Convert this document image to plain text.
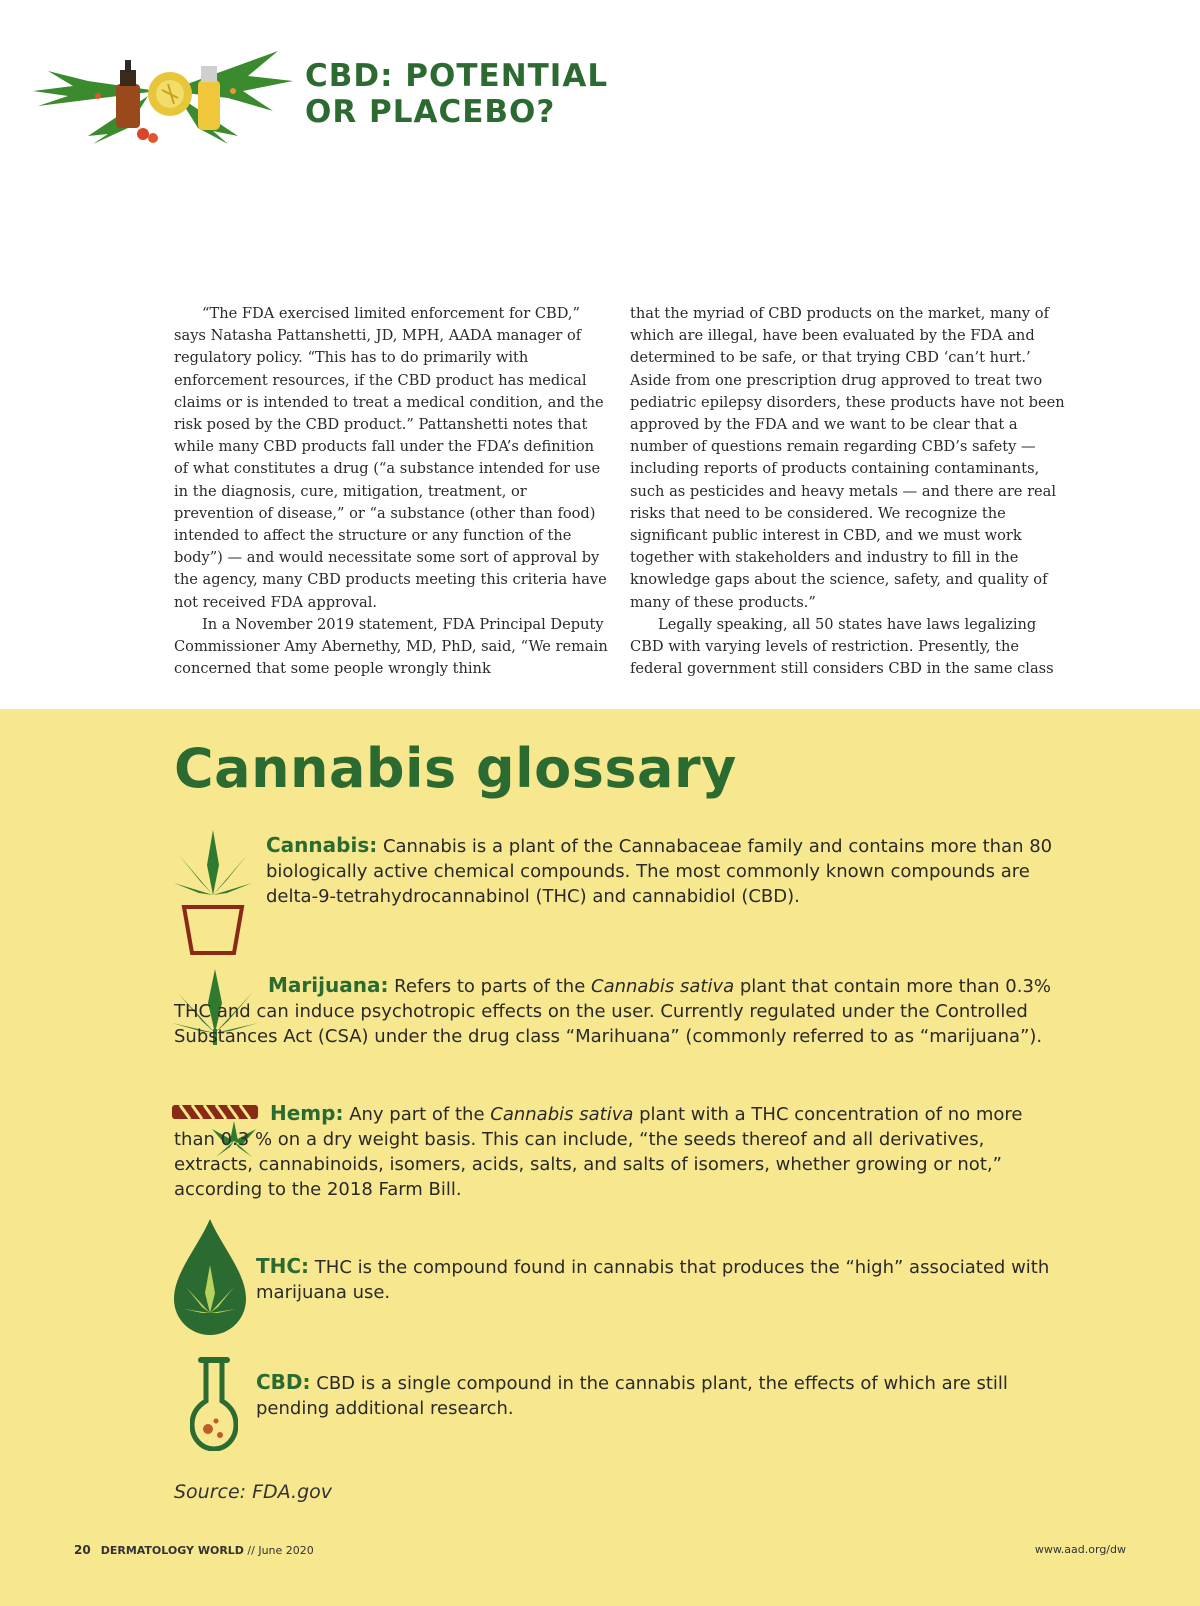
CBD: POTENTIAL
OR PLACEBO?

“The FDA exercised limited enforcement for CBD,” says Natasha Pattanshetti, JD, MPH, AADA manager of regulatory policy. “This has to do primarily with enforcement resources, if the CBD product has medical claims or is intended to treat a medical condition, and the risk posed by the CBD product.” Pattanshetti notes that while many CBD products fall under the FDA’s definition of what constitutes a drug (“a substance intended for use in the diagnosis, cure, mitigation, treatment, or prevention of disease,” or “a substance (other than food) intended to affect the structure or any function of the body”) — and would necessitate some sort of approval by the agency, many CBD products meeting this criteria have not received FDA approval.

In a November 2019 statement, FDA Principal Deputy Commissioner Amy Abernethy, MD, PhD, said, “We remain concerned that some people wrongly think

that the myriad of CBD products on the market, many of which are illegal, have been evaluated by the FDA and determined to be safe, or that trying CBD ‘can’t hurt.’ Aside from one prescription drug approved to treat two pediatric epilepsy disorders, these products have not been approved by the FDA and we want to be clear that a number of questions remain regarding CBD’s safety — including reports of products containing contaminants, such as pesticides and heavy metals — and there are real risks that need to be considered. We recognize the significant public interest in CBD, and we must work together with stakeholders and industry to fill in the knowledge gaps about the science, safety, and quality of many of these products.”

Legally speaking, all 50 states have laws legalizing CBD with varying levels of restriction. Presently, the federal government still considers CBD in the same class

Cannabis glossary
Cannabis: Cannabis is a plant of the Cannabaceae family and contains more than 80 biologically active chemical compounds. The most commonly known compounds are delta-9-tetrahydrocannabinol (THC) and cannabidiol (CBD).
Marijuana: Refers to parts of the Cannabis sativa plant that contain more than 0.3% THC and can induce psychotropic effects on the user. Currently regulated under the Controlled Substances Act (CSA) under the drug class “Marihuana” (commonly referred to as “marijuana”).
Hemp: Any part of the Cannabis sativa plant with a THC concentration of no more than 0.3 % on a dry weight basis. This can include, “the seeds thereof and all derivatives, extracts, cannabinoids, isomers, acids, salts, and salts of isomers, whether growing or not,” according to the 2018 Farm Bill.
THC: THC is the compound found in cannabis that produces the “high” associated with marijuana use.
CBD: CBD is a single compound in the cannabis plant, the effects of which are still pending additional research.

Source: FDA.gov

20 DERMATOLOGY WORLD // June 2020	www.aad.org/dw
